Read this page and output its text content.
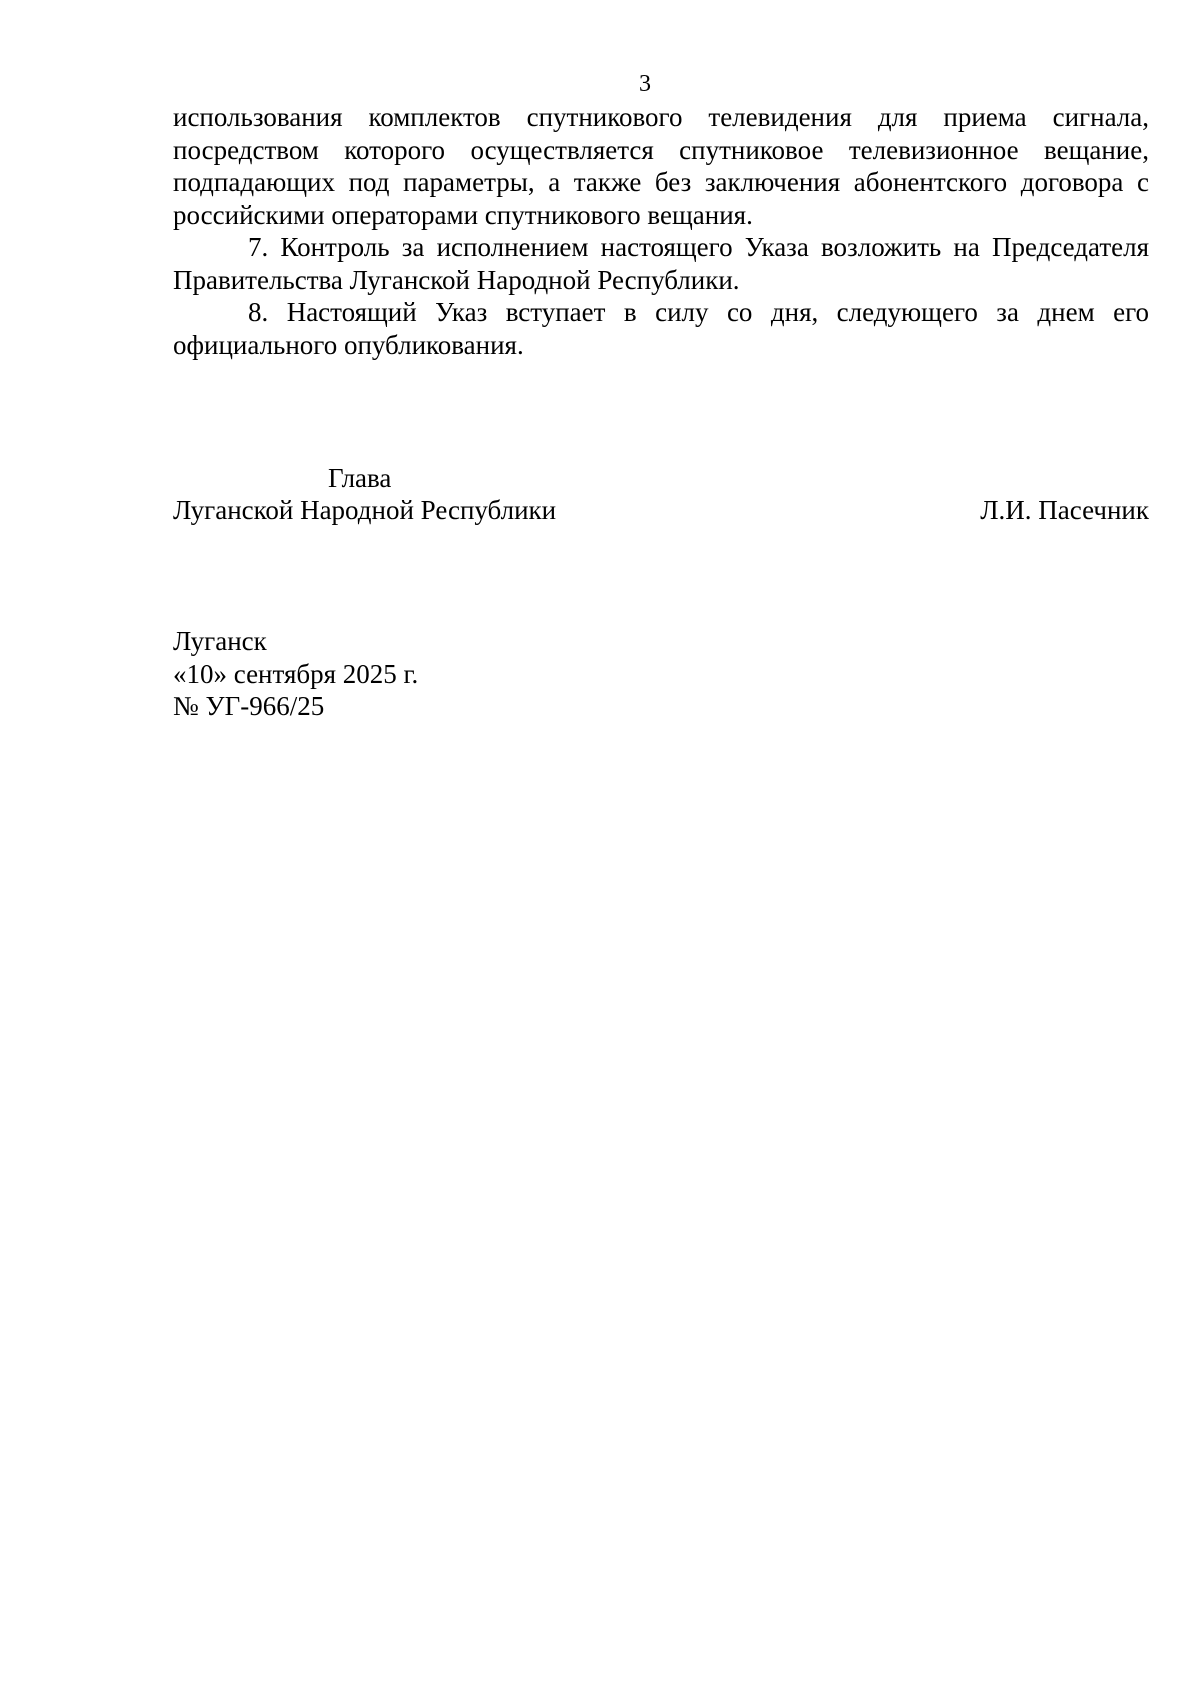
3

использования комплектов спутникового телевидения для приема сигнала, посредством которого осуществляется спутниковое телевизионное вещание, подпадающих под параметры, а также без заключения абонентского договора с российскими операторами спутникового вещания.

7. Контроль за исполнением настоящего Указа возложить на Председателя Правительства Луганской Народной Республики.

8. Настоящий Указ вступает в силу со дня, следующего за днем его официального опубликования.

Глава
Луганской Народной Республики	Л.И. Пасечник
Луганск
«10» сентября 2025 г.
№ УГ-966/25
